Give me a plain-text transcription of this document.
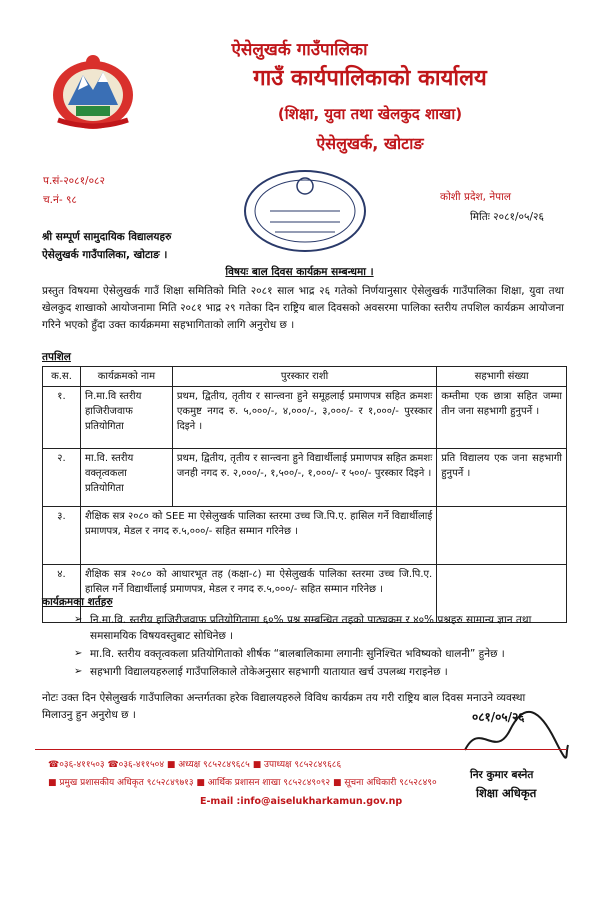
ऐसेलुखर्क गाउँपालिका
गाउँ कार्यपालिकाको कार्यालय
(शिक्षा, युवा तथा खेलकुद शाखा)
ऐसेलुखर्क, खोटाङ
प.सं-२०८१/०८२
च.नं- ९८	कोशी प्रदेश, नेपाल
मितिः २०८१/०५/२६
श्री सम्पूर्ण सामुदायिक विद्यालयहरु
ऐसेलुखर्क गाउँपालिका, खोटाङ ।
विषयः बाल दिवस कार्यक्रम सम्बन्धमा ।
प्रस्तुत विषयमा ऐसेलुखर्क गाउँ शिक्षा समितिको मिति २०८१ साल भाद्र २६ गतेको निर्णयानुसार ऐसेलुखर्क गाउँपालिका शिक्षा, युवा तथा खेलकुद शाखाको आयोजनामा मिति २०८१ भाद्र २९ गतेका दिन राष्ट्रिय बाल दिवसको अवसरमा पालिका स्तरीय तपशिल कार्यक्रम आयोजना गरिने भएको हुँदा उक्त कार्यक्रममा सहभागिताको लागि अनुरोध छ ।
तपशिल
क.स.	कार्यक्रमको नाम	पुरस्कार राशी	सहभागी संख्या
१.	नि.मा.वि स्तरीय हाजिरीजवाफ प्रतियोगिता	प्रथम, द्वितीय, तृतीय र सान्त्वना हुने समूहलाई प्रमाणपत्र सहित क्रमशः एकमुष्ट नगद रु. ५,०००/-, ४,०००/-, ३,०००/- र १,०००/- पुरस्कार दिइने ।	कम्तीमा एक छात्रा सहित जम्मा तीन जना सहभागी हुनुपर्ने ।
२.	मा.वि. स्तरीय वक्तृत्वकला प्रतियोगिता	प्रथम, द्वितीय, तृतीय र सान्त्वना हुने विद्यार्थीलाई प्रमाणपत्र सहित क्रमशः जनही नगद रु. २,०००/-, १,५००/-, १,०००/- र ५००/- पुरस्कार दिइने ।	प्रति विद्यालय एक जना सहभागी हुनुपर्ने ।
३.	शैक्षिक सत्र २०८० को SEE मा ऐसेलुखर्क पालिका स्तरमा उच्च जि.पि.ए. हासिल गर्ने विद्यार्थीलाई प्रमाणपत्र, मेडल र नगद रु.५,०००/- सहित सम्मान गरिनेछ ।		
४.	शैक्षिक सत्र २०८० को आधारभूत तह (कक्षा-८) मा ऐसेलुखर्क पालिका स्तरमा उच्च जि.पि.ए. हासिल गर्ने विद्यार्थीलाई प्रमाणपत्र, मेडल र नगद रु.५,०००/- सहित सम्मान गरिनेछ ।		
कार्यक्रमका शर्तहरु
➢ नि.मा.वि. स्तरीय हाजिरीजवाफ प्रतियोगितामा ६०% प्रश्न सम्बन्धित तहको पाठ्यक्रम र ४०% प्रश्नहरु सामान्य ज्ञान तथा समसामयिक विषयवस्तुबाट सोधिनेछ ।
➢ मा.वि. स्तरीय वक्तृत्वकला प्रतियोगिताको शीर्षक “बालबालिकामा लगानीः सुनिश्चित भविष्यको धालनी” हुनेछ ।
➢ सहभागी विद्यालयहरुलाई गाउँपालिकाले तोकेअनुसार सहभागी यातायात खर्च उपलब्ध गराइनेछ ।
नोटः उक्त दिन ऐसेलुखर्क गाउँपालिका अन्तर्गतका हरेक विद्यालयहरुले विविध कार्यक्रम तय गरी राष्ट्रिय बाल दिवस मनाउने व्यवस्था मिलाउनु हुन अनुरोध छ ।	०८१/०५/२६
निर कुमार बस्नेत
शिक्षा अधिकृत
☎०३६-४११५०३ ☎०३६-४११५०४ ■ अध्यक्ष ९८५२८४९६८५ ■ उपाध्यक्ष ९८५२८४९६८६
■ प्रमुख प्रशासकीय अधिकृत ९८५२८४९७१३ ■ आर्थिक प्रशासन शाखा ९८५२८४९०९२ ■ सूचना अधिकारी ९८५२८४९०
E-mail :info@aiselukharkamun.gov.np
